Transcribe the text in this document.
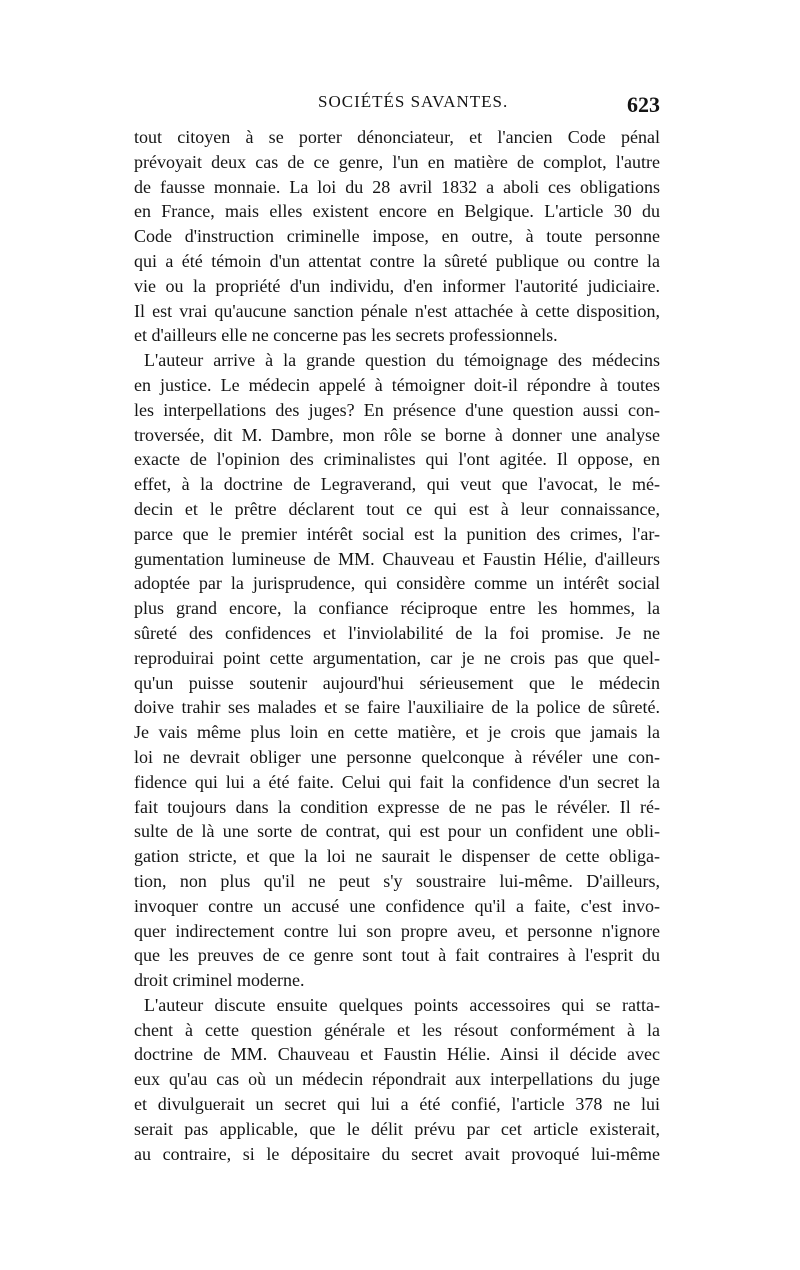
SOCIÉTÉS SAVANTES.	623
tout citoyen à se porter dénonciateur, et l'ancien Code pénal
prévoyait deux cas de ce genre, l'un en matière de complot, l'autre
de fausse monnaie. La loi du 28 avril 1832 a aboli ces obligations
en France, mais elles existent encore en Belgique. L'article 30 du
Code d'instruction criminelle impose, en outre, à toute personne
qui a été témoin d'un attentat contre la sûreté publique ou contre la
vie ou la propriété d'un individu, d'en informer l'autorité judiciaire.
Il est vrai qu'aucune sanction pénale n'est attachée à cette disposition,
et d'ailleurs elle ne concerne pas les secrets professionnels.
L'auteur arrive à la grande question du témoignage des médecins
en justice. Le médecin appelé à témoigner doit-il répondre à toutes
les interpellations des juges? En présence d'une question aussi con-
troversée, dit M. Dambre, mon rôle se borne à donner une analyse
exacte de l'opinion des criminalistes qui l'ont agitée. Il oppose, en
effet, à la doctrine de Legraverand, qui veut que l'avocat, le mé-
decin et le prêtre déclarent tout ce qui est à leur connaissance,
parce que le premier intérêt social est la punition des crimes, l'ar-
gumentation lumineuse de MM. Chauveau et Faustin Hélie, d'ailleurs
adoptée par la jurisprudence, qui considère comme un intérêt social
plus grand encore, la confiance réciproque entre les hommes, la
sûreté des confidences et l'inviolabilité de la foi promise. Je ne
reproduirai point cette argumentation, car je ne crois pas que quel-
qu'un puisse soutenir aujourd'hui sérieusement que le médecin
doive trahir ses malades et se faire l'auxiliaire de la police de sûreté.
Je vais même plus loin en cette matière, et je crois que jamais la
loi ne devrait obliger une personne quelconque à révéler une con-
fidence qui lui a été faite. Celui qui fait la confidence d'un secret la
fait toujours dans la condition expresse de ne pas le révéler. Il ré-
sulte de là une sorte de contrat, qui est pour un confident une obli-
gation stricte, et que la loi ne saurait le dispenser de cette obliga-
tion, non plus qu'il ne peut s'y soustraire lui-même. D'ailleurs,
invoquer contre un accusé une confidence qu'il a faite, c'est invo-
quer indirectement contre lui son propre aveu, et personne n'ignore
que les preuves de ce genre sont tout à fait contraires à l'esprit du
droit criminel moderne.
L'auteur discute ensuite quelques points accessoires qui se ratta-
chent à cette question générale et les résout conformément à la
doctrine de MM. Chauveau et Faustin Hélie. Ainsi il décide avec
eux qu'au cas où un médecin répondrait aux interpellations du juge
et divulguerait un secret qui lui a été confié, l'article 378 ne lui
serait pas applicable, que le délit prévu par cet article existerait,
au contraire, si le dépositaire du secret avait provoqué lui-même
